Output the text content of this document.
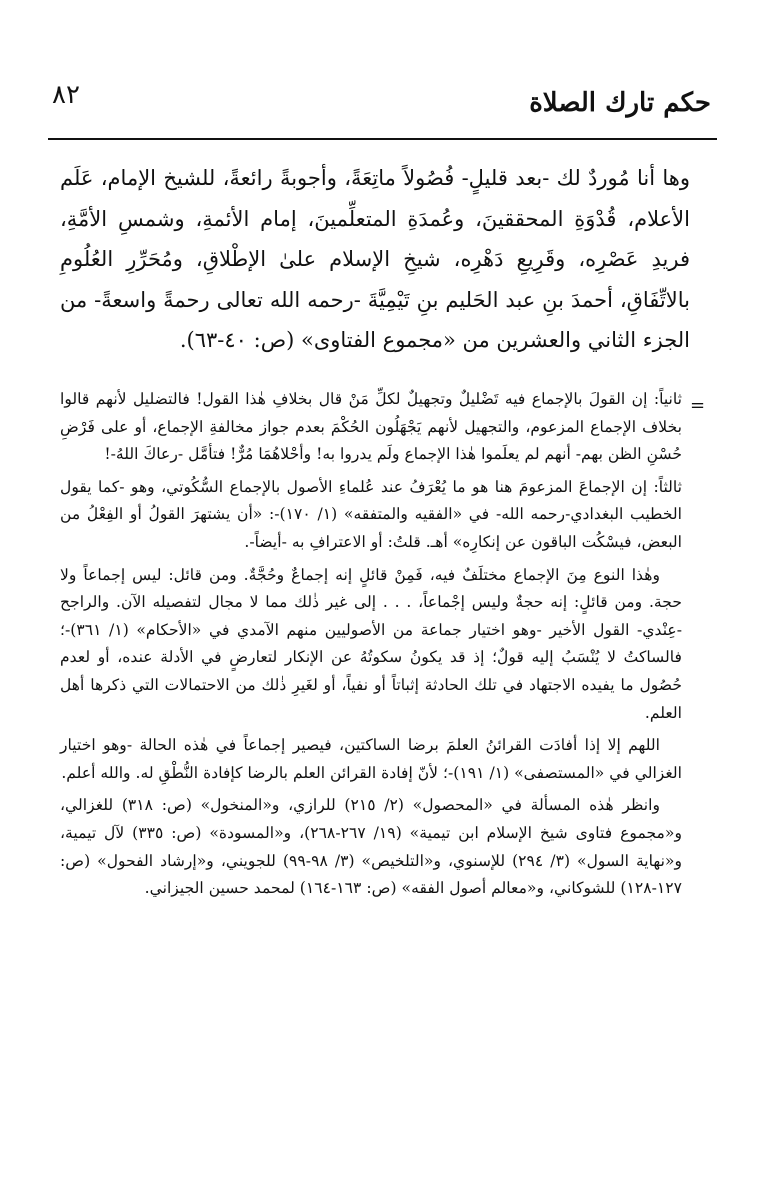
٨٢	حكم تارك الصلاة

وها أنا مُوردٌ لك -بعد قليلٍ- فُصُولاً ماتِعَةً، وأجوبةً رائعةً، للشيخ الإمام، عَلَم الأعلام، قُدْوَةِ المحققينَ، وعُمدَةِ المتعلِّمينَ، إمام الأئمةِ، وشمسِ الأمَّةِ، فريدِ عَصْرِه، وقَرِيعِ دَهْرِه، شيخِ الإسلام علىٰ الإطْلاقِ، ومُحَرِّرِ العُلُومِ بالاتِّفَاقِ، أحمدَ بنِ عبد الحَليم بنِ تَيْمِيَّةَ -رحمه الله تعالى رحمةً واسعةً- من الجزء الثاني والعشرين من «مجموع الفتاوى» (ص: ٤٠-٦٣).

=

ثانياً: إن القولَ بالإجماع فيه تَضْليلٌ وتجهيلٌ لكلِّ مَنْ قال بخلافِ هٰذا القول! فالتضليل لأنهم قالوا بخلاف الإجماع المزعوم، والتجهيل لأنهم يَجْهَلُون الحُكْمَ بعدم جواز مخالفةِ الإجماع، أو على فَرْضِ حُسْنِ الظن بهم- أنهم لم يعلَموا هٰذا الإجماع ولَم يدروا به! وأحْلاهُمَا مُرٌّ! فتأمَّل -رعاكَ اللهُ-!

ثالثاً: إن الإجماعَ المزعومَ هنا هو ما يُعْرَفُ عند عُلماءِ الأصول بالإجماع السُّكُوتي، وهو -كما يقول الخطيب البغدادي-رحمه الله- في «الفقيه والمتفقه» (١/ ١٧٠)-: «أن يشتهرَ القولُ أو الفِعْلُ من البعض، فيسْكُت الباقون عن إنكارِه» أهـ. قلتُ: أو الاعترافِ به -أيضاً-.

وهٰذا النوع مِنَ الإجماع مختلَفٌ فيه، فَمِنْ قائلٍ إنه إجماعٌ وحُجَّةٌ. ومن قائل: ليس إجماعاً ولا حجة. ومن قائلٍ: إنه حجةٌ وليس إجْماعاً، . . . إلى غير ذٰلك مما لا مجال لتفصيله الآن. والراجح -عِنْدي- القول الأخير -وهو اختيار جماعة من الأصوليين منهم الآمدي في «الأحكام» (١/ ٣٦١)-؛ فالساكتُ لا يُنْسَبُ إليه قولٌ؛ إذ قد يكونُ سكوتُهُ عن الإنكار لتعارضٍ في الأدلة عنده، أو لعدم حُصُول ما يفيده الاجتهاد في تلك الحادثة إثباتاً أو نفياً، أو لغَيرِ ذٰلك من الاحتمالات التي ذكرها أهل العلم.

اللهم إلا إذا أفادَت القرائنُ العلمَ برضا الساكتين، فيصير إجماعاً في هٰذه الحالة -وهو اختيار الغزالي في «المستصفى» (١/ ١٩١)-؛ لأنّ إفادة القرائن العلم بالرضا كإفادة النُّطْقِ له. والله أعلم.

وانظر هٰذه المسألة في «المحصول» (٢/ ٢١٥) للرازي، و«المنخول» (ص: ٣١٨) للغزالي، و«مجموع فتاوى شيخ الإسلام ابن تيمية» (١٩/ ٢٦٧-٢٦٨)، و«المسودة» (ص: ٣٣٥) لآل تيمية، و«نهاية السول» (٣/ ٢٩٤) للإسنوي، و«التلخيص» (٣/ ٩٨-٩٩) للجويني، و«إرشاد الفحول» (ص: ١٢٧-١٢٨) للشوكاني، و«معالم أصول الفقه» (ص: ١٦٣-١٦٤) لمحمد حسين الجيزاني.
